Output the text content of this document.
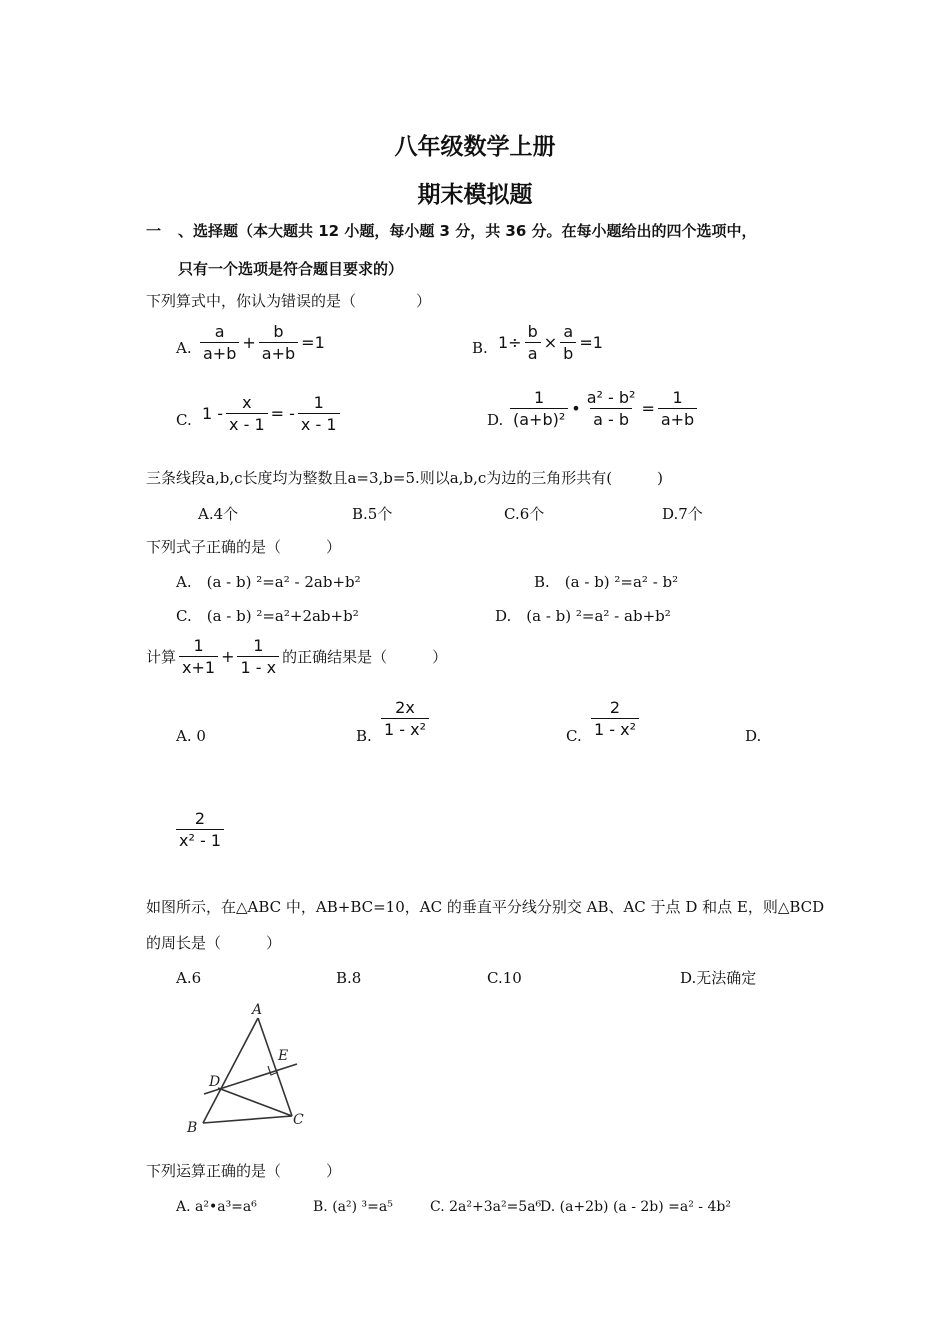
八年级数学上册
期末模拟题
一 、选择题（本大题共 12 小题，每小题 3 分，共 36 分。在每小题给出的四个选项中，
只有一个选项是符合题目要求的）
下列算式中，你认为错误的是（　　　　）
A. $\frac{a}{a+b} + \frac{b}{a+b} =1$	B. $1\div \frac{b}{a} \times \frac{a}{b} =1$
C. $1 - \frac{x}{x - 1}$ = - $\frac{1}{x - 1}$	D. $\frac{1}{\text{(a+b)²}}$ • $\frac{\text{a² - b²}}{a - b} = \frac{1}{a+b}$
三条线段a,b,c长度均为整数且a=3,b=5.则以a,b,c为边的三角形共有(　　　)
A.4个	B.5个	C.6个	D.7个
下列式子正确的是（　　　）
A.　(a - b) ²=a² - 2ab+b²	B.　(a - b) ²=a² - b²
C.　(a - b) ²=a²+2ab+b²	D.　(a - b) ²=a² - ab+b²
计算 $\frac{1}{x+1} + \frac{1}{1 - x}$ 的正确结果是（　　　）
A. 0	B. $\frac{2x}{\text{1 - x²}}$	C. $\frac{2}{\text{1 - x²}}$	D.
$\frac{2}{\text{x² - 1}}$
如图所示，在△ABC 中，AB+BC=10，AC 的垂直平分线分别交 AB、AC 于点 D 和点 E，则△BCD
的周长是（　　　）
A.6	B.8	C.10	D.无法确定
A
E
D
B	C
下列运算正确的是（　　　）
A. a²•a³=a⁶	B. (a²) ³=a⁵	C. 2a²+3a²=5a⁶
D. (a+2b) (a - 2b) =a² - 4b²
